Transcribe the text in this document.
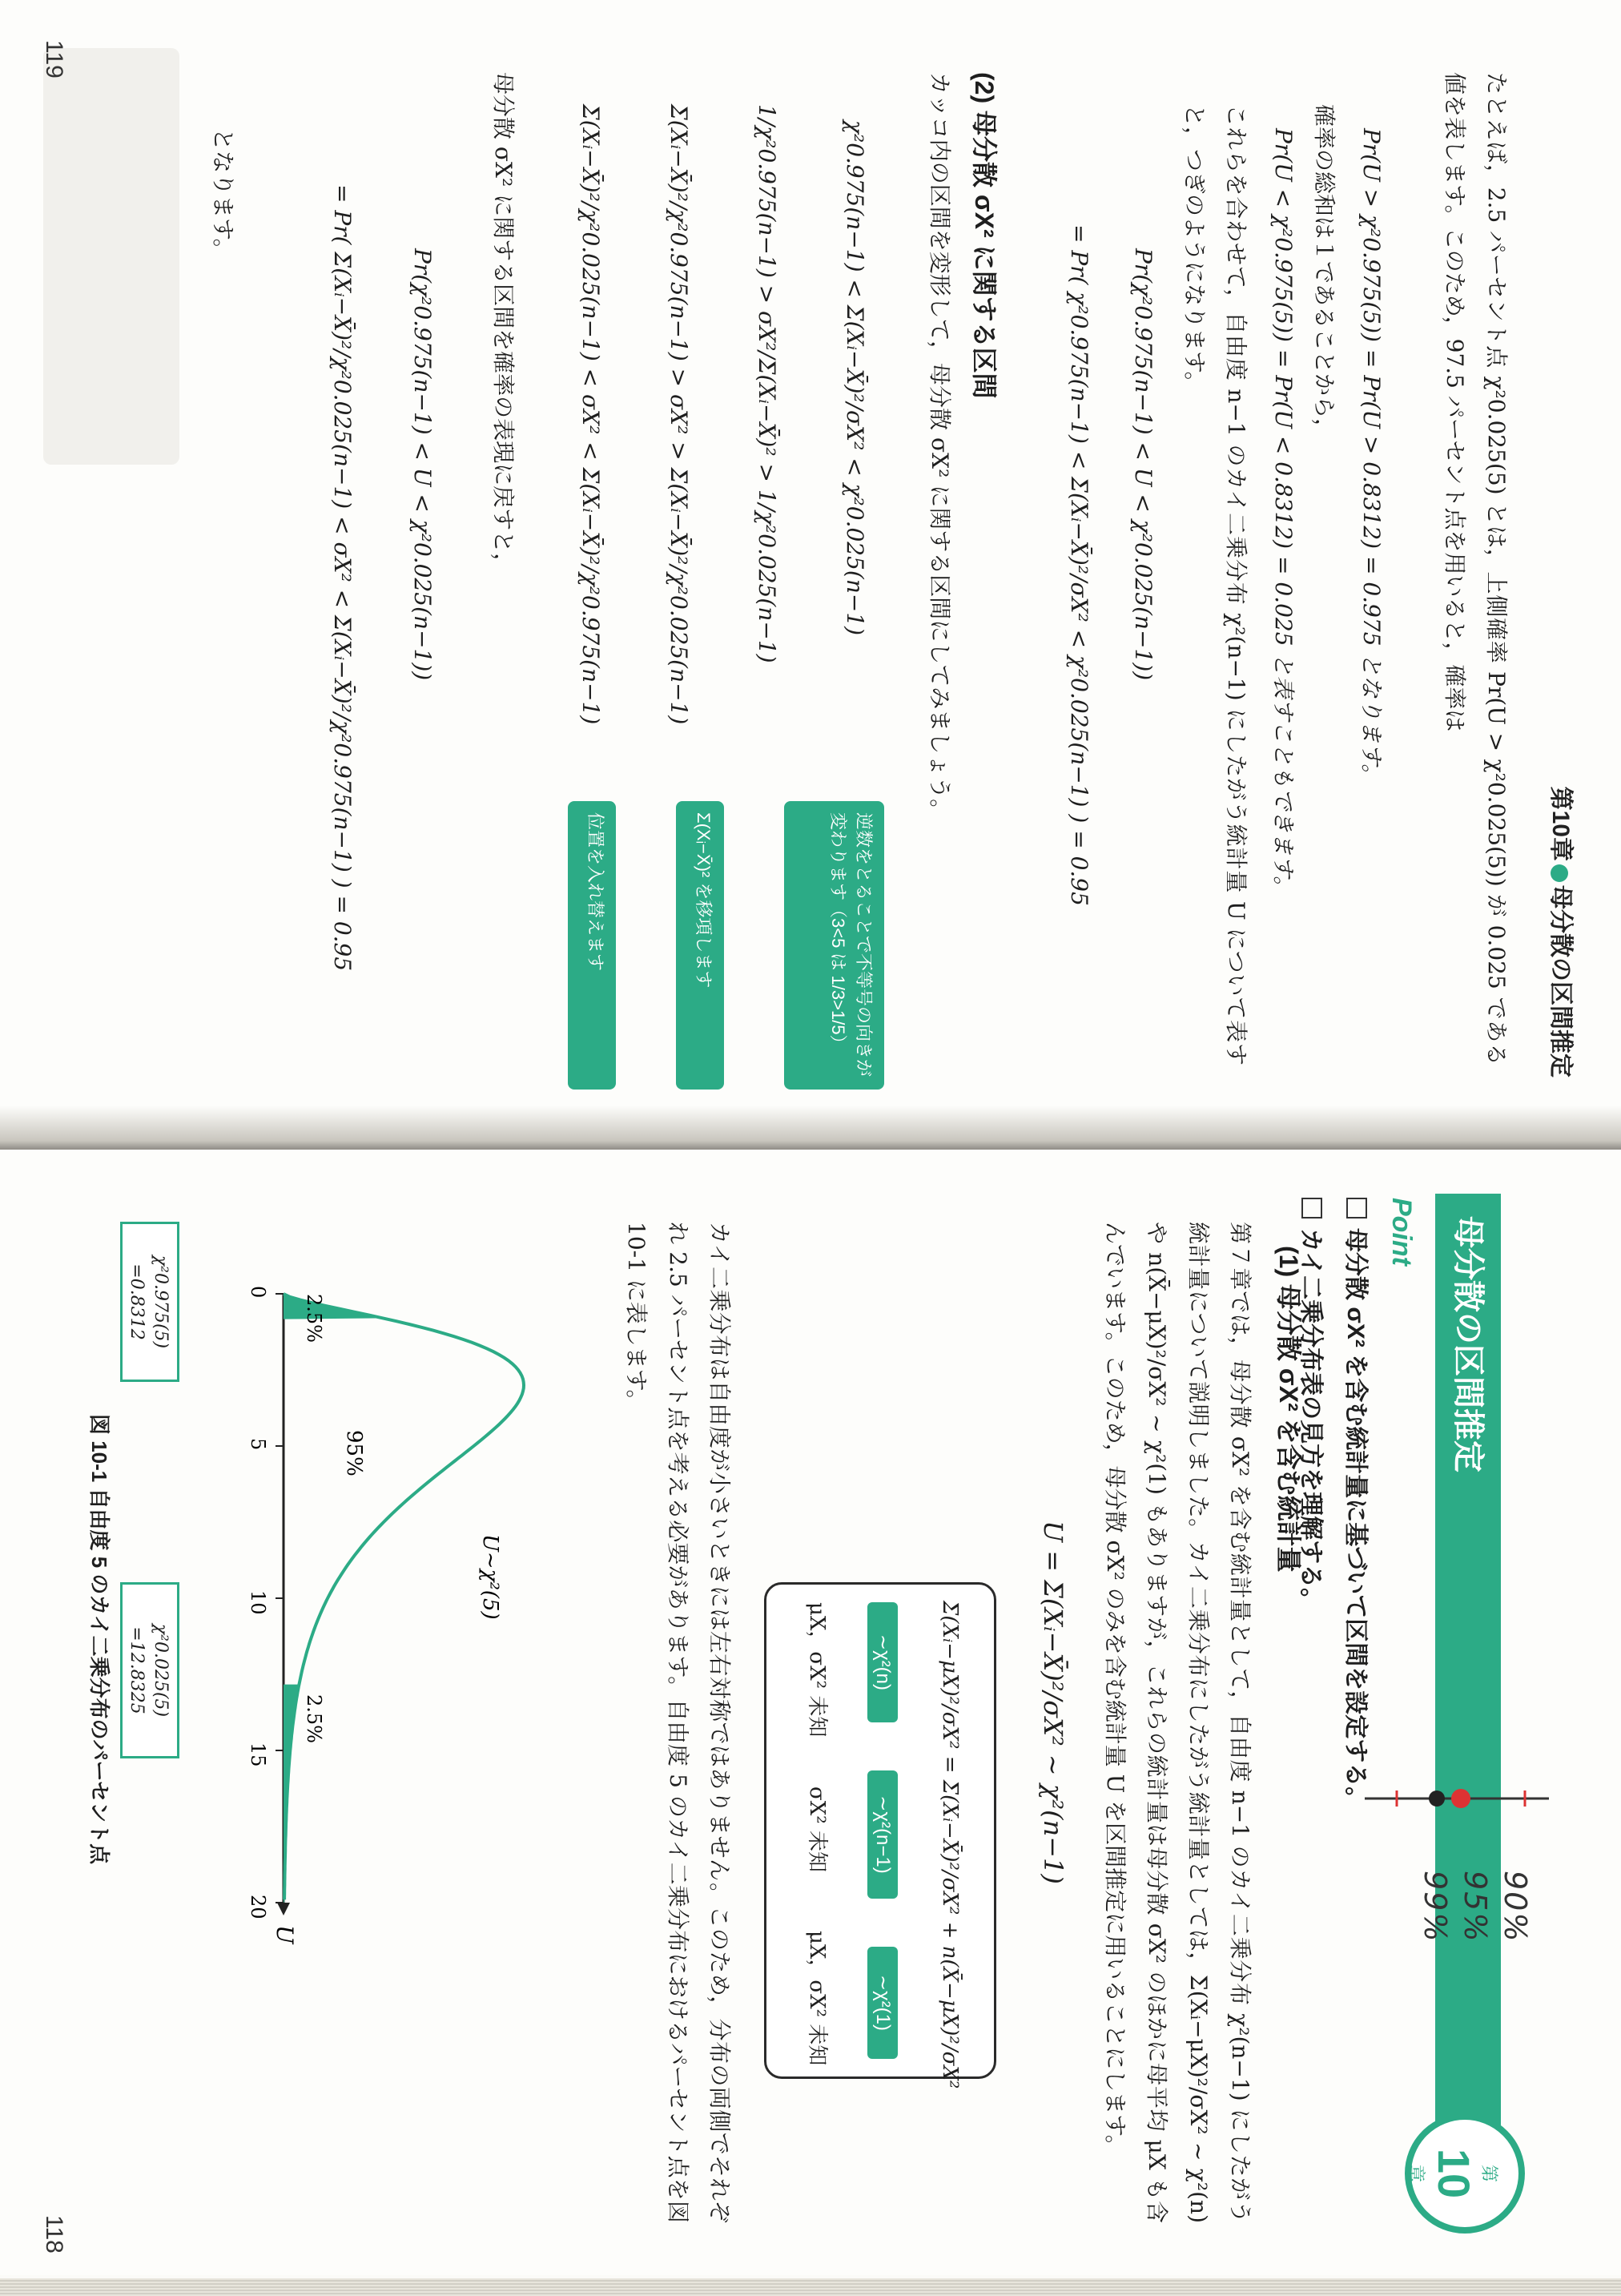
第10章母分散の区間推定
たとえば，2.5 パーセント点 χ²0.025(5) とは，上側確率 Pr(U > χ²0.025(5)) が 0.025 である値を表します。このため，97.5 パーセント点を用いると，確率は
Pr(U > χ²0.975(5)) = Pr(U > 0.8312) = 0.975 となります。
確率の総和は１であることから，
Pr(U < χ²0.975(5)) = Pr(U < 0.8312) = 0.025 と表すこともできます。
これらを合わせて，自由度 n−1 のカイ二乗分布 χ²(n−1) にしたがう統計量 U について表すと，つぎのようになります。
Pr(χ²0.975(n−1) < U < χ²0.025(n−1))
= Pr( χ²0.975(n−1) < Σ(Xᵢ−X̄)²/σX² < χ²0.025(n−1) ) = 0.95
(2) 母分散 σX² に関する区間
カッコ内の区間を変形して，母分散 σX² に関する区間にしてみましょう。
χ²0.975(n−1) < Σ(Xᵢ−X̄)²/σX² < χ²0.025(n−1)
1/χ²0.975(n−1) > σX²/Σ(Xᵢ−X̄)² > 1/χ²0.025(n−1)
Σ(Xᵢ−X̄)²/χ²0.975(n−1) > σX² > Σ(Xᵢ−X̄)²/χ²0.025(n−1)
Σ(Xᵢ−X̄)²/χ²0.025(n−1) < σX² < Σ(Xᵢ−X̄)²/χ²0.975(n−1)
逆数をとることで不等号の向きが変わります（3<5 は 1/3>1/5）
Σ(Xᵢ−X̄)² を移項します
位置を入れ替えます
母分散 σX² に関する区間を確率の表現に戻すと，
Pr(χ²0.975(n−1) < U < χ²0.025(n−1))
= Pr( Σ(Xᵢ−X̄)²/χ²0.025(n−1) < σX² < Σ(Xᵢ−X̄)²/χ²0.975(n−1) ) = 0.95
となります。
119
母分散の区間推定
第
10
章
Point
母分散 σX² を含む統計量に基づいて区間を設定する。
カイ二乗分布表の見方を理解する。
90%
95%
99%
(1) 母分散 σX² を含む統計量
第７章では，母分散 σX² を含む統計量として，自由度 n−1 のカイ二乗分布 χ²(n−1) にしたがう統計量について説明しました。カイ二乗分布にしたがう統計量としては，Σ(Xᵢ−μX)²/σX² ∼ χ²(n) や n(X̄−μX)²/σX² ∼ χ²(1) もありますが，これらの統計量は母分散 σX² のほかに母平均 μX も含んでいます。このため，母分散 σX² のみを含む統計量 U を区間推定に用いることにします。
U = Σ(Xᵢ−X̄)²/σX² ∼ χ²(n−1)
Σ(Xᵢ−μX)²/σX² = Σ(Xᵢ−X̄)²/σX² + n(X̄−μX)²/σX²
∼χ²(n)
∼χ²(n−1)
∼χ²(1)
μX，σX² 未知
σX² 未知
μX，σX² 未知
カイ二乗分布は自由度が小さいときには左右対称ではありません。このため，分布の両側でそれぞれ 2.5 パーセント点を考える必要があります。自由度 5 のカイ二乗分布におけるパーセント点を図 10-1 に表します。
0
5
10
15
20
U
U∼χ²(5)
2.5%
95%
2.5%
χ²0.975(5)
=0.8312
χ²0.025(5)
=12.8325
図 10-1 自由度 5 のカイ二乗分布のパーセント点
118
